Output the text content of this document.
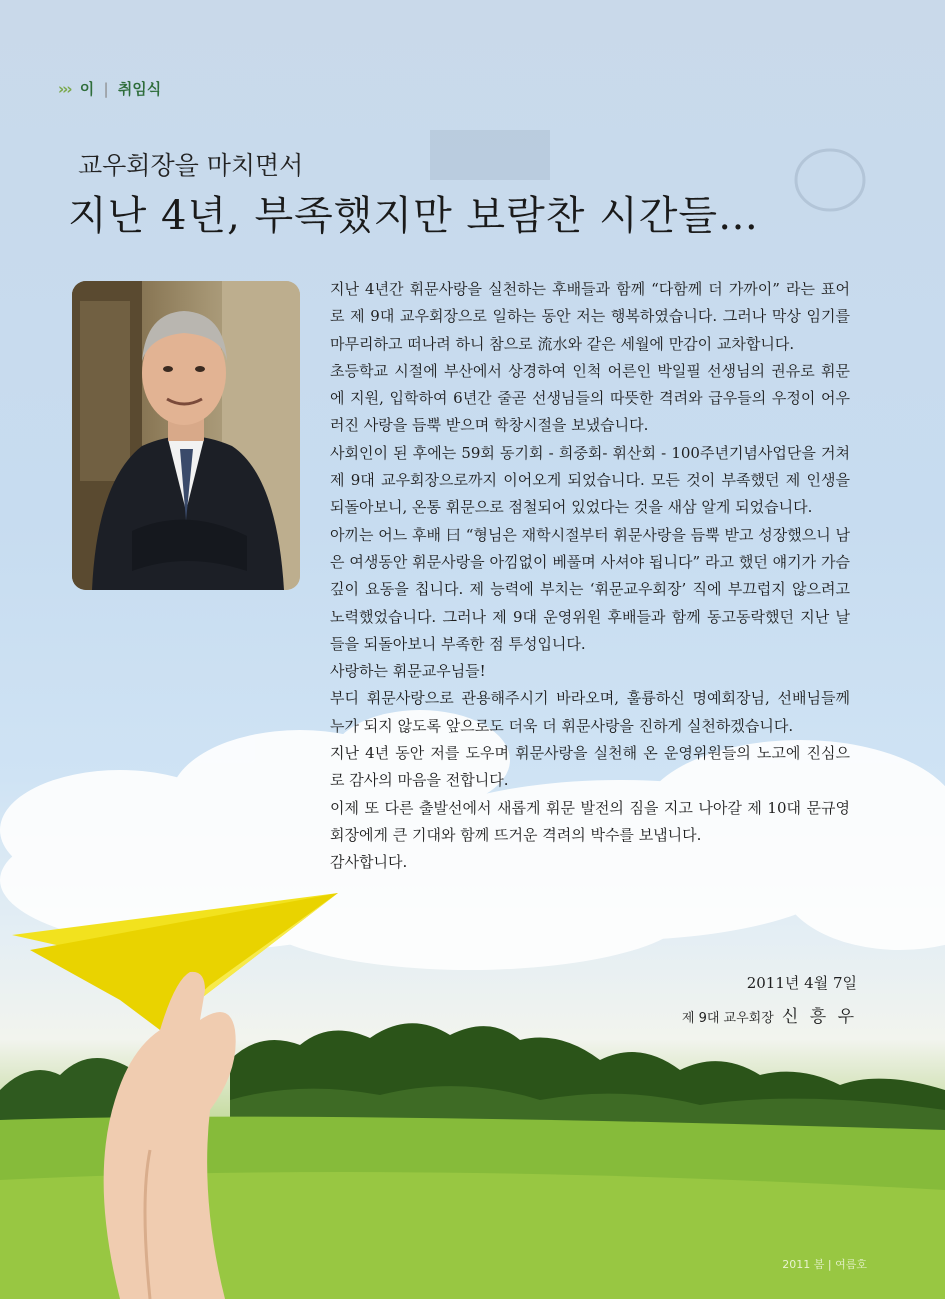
››› 이 | 취임식
교우회장을 마치면서
지난 4년, 부족했지만 보람찬 시간들…

지난 4년간 휘문사랑을 실천하는 후배들과 함께 “다함께 더 가까이” 라는 표어로 제 9대 교우회장으로 일하는 동안 저는 행복하였습니다. 그러나 막상 임기를 마무리하고 떠나려 하니 참으로 流水와 같은 세월에 만감이 교차합니다.

초등학교 시절에 부산에서 상경하여 인척 어른인 박일필 선생님의 권유로 휘문에 지원, 입학하여 6년간 줄곧 선생님들의 따뜻한 격려와 급우들의 우정이 어우러진 사랑을 듬뿍 받으며 학창시절을 보냈습니다.

사회인이 된 후에는 59회 동기회 - 희중회- 휘산회 - 100주년기념사업단을 거쳐 제 9대 교우회장으로까지 이어오게 되었습니다. 모든 것이 부족했던 제 인생을 되돌아보니, 온통 휘문으로 점철되어 있었다는 것을 새삼 알게 되었습니다.

아끼는 어느 후배 曰 “형님은 재학시절부터 휘문사랑을 듬뿍 받고 성장했으니 남은 여생동안 휘문사랑을 아낌없이 베풀며 사셔야 됩니다” 라고 했던 얘기가 가슴 깊이 요동을 칩니다. 제 능력에 부치는 ‘휘문교우회장’ 직에 부끄럽지 않으려고 노력했었습니다. 그러나 제 9대 운영위원 후배들과 함께 동고동락했던 지난 날들을 되돌아보니 부족한 점 투성입니다.

사랑하는 휘문교우님들!

부디 휘문사랑으로 관용해주시기 바라오며, 훌륭하신 명예회장님, 선배님들께 누가 되지 않도록 앞으로도 더욱 더 휘문사랑을 진하게 실천하겠습니다.

지난 4년 동안 저를 도우며 휘문사랑을 실천해 온 운영위원들의 노고에 진심으로 감사의 마음을 전합니다.

이제 또 다른 출발선에서 새롭게 휘문 발전의 짐을 지고 나아갈 제 10대 문규영 회장에게 큰 기대와 함께 뜨거운 격려의 박수를 보냅니다.

감사합니다.

2011년 4월 7일
제 9대 교우회장 신 흥 우
2011 봄 | 여름호
